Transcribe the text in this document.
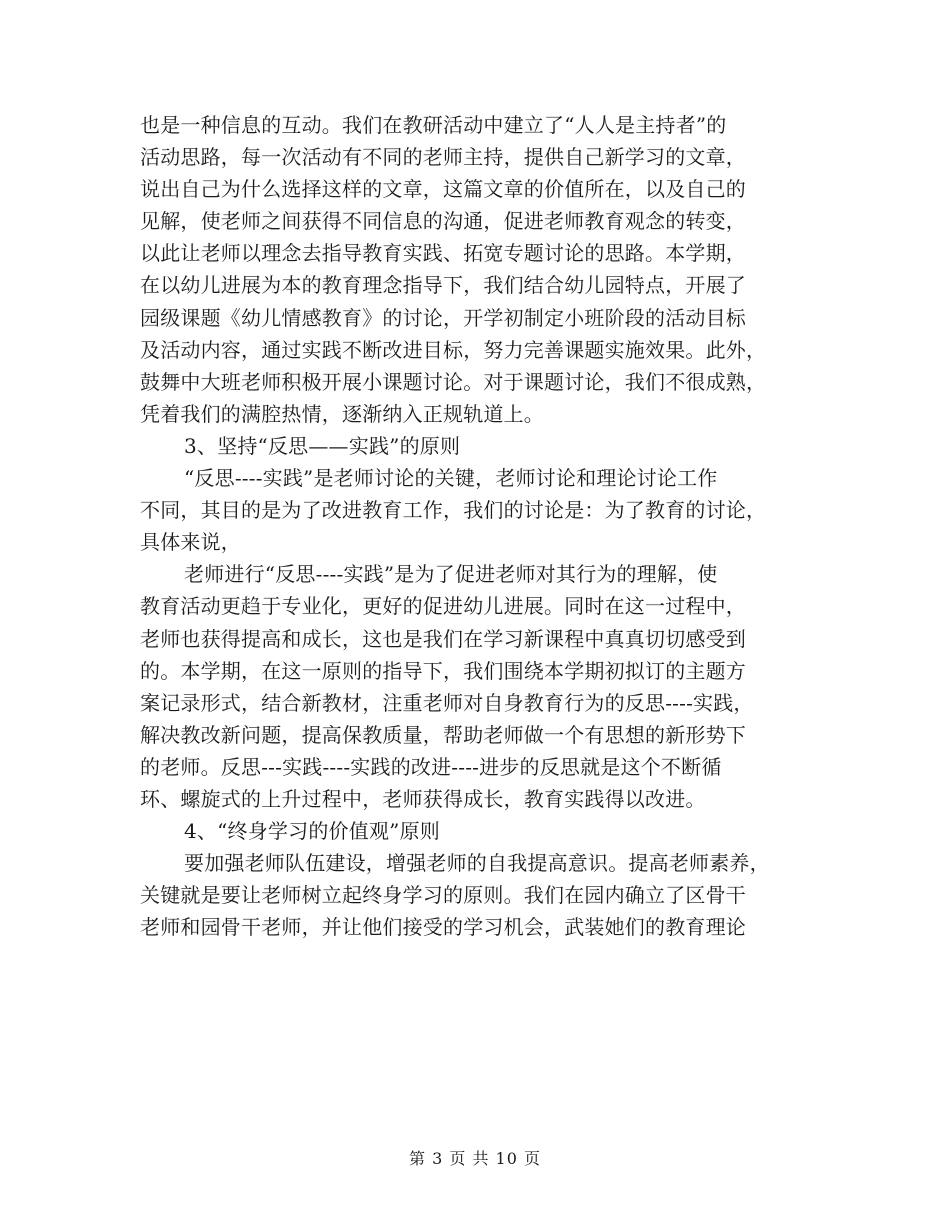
也是一种信息的互动。我们在教研活动中建立了“人人是主持者”的
活动思路，每一次活动有不同的老师主持，提供自己新学习的文章，
说出自己为什么选择这样的文章，这篇文章的价值所在，以及自己的
见解，使老师之间获得不同信息的沟通，促进老师教育观念的转变，
以此让老师以理念去指导教育实践、拓宽专题讨论的思路。本学期，
在以幼儿进展为本的教育理念指导下，我们结合幼儿园特点，开展了
园级课题《幼儿情感教育》的讨论，开学初制定小班阶段的活动目标
及活动内容，通过实践不断改进目标，努力完善课题实施效果。此外，
鼓舞中大班老师积极开展小课题讨论。对于课题讨论，我们不很成熟，
凭着我们的满腔热情，逐渐纳入正规轨道上。
3、坚持“反思——实践”的原则
“反思----实践”是老师讨论的关键，老师讨论和理论讨论工作
不同，其目的是为了改进教育工作，我们的讨论是：为了教育的讨论，
具体来说，
老师进行“反思----实践”是为了促进老师对其行为的理解，使
教育活动更趋于专业化，更好的促进幼儿进展。同时在这一过程中，
老师也获得提高和成长，这也是我们在学习新课程中真真切切感受到
的。本学期，在这一原则的指导下，我们围绕本学期初拟订的主题方
案记录形式，结合新教材，注重老师对自身教育行为的反思----实践，
解决教改新问题，提高保教质量，帮助老师做一个有思想的新形势下
的老师。反思---实践----实践的改进----进步的反思就是这个不断循
环、螺旋式的上升过程中，老师获得成长，教育实践得以改进。
4、“终身学习的价值观”原则
要加强老师队伍建设，增强老师的自我提高意识。提高老师素养，
关键就是要让老师树立起终身学习的原则。我们在园内确立了区骨干
老师和园骨干老师，并让他们接受的学习机会，武装她们的教育理论
第 3 页 共 10 页
